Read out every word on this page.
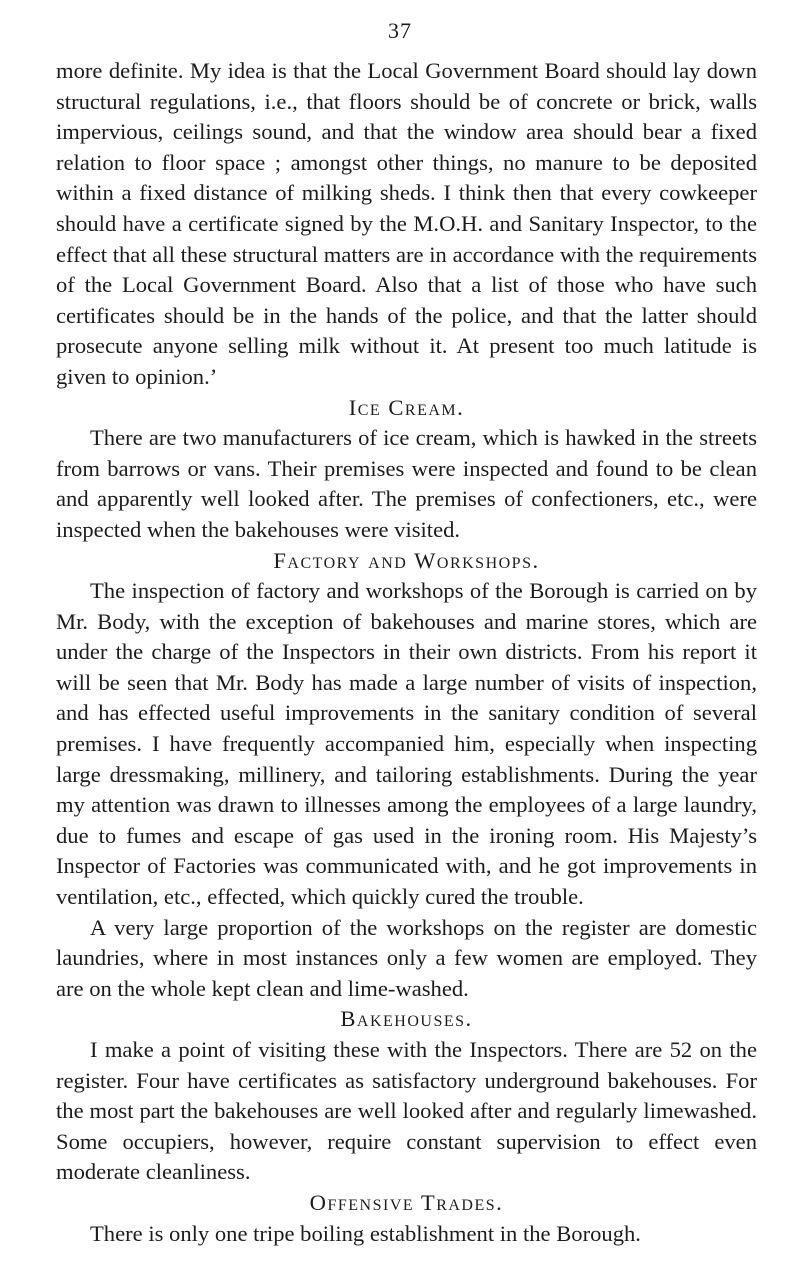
37

more definite. My idea is that the Local Government Board should lay down structural regulations, i.e., that floors should be of concrete or brick, walls impervious, ceilings sound, and that the window area should bear a fixed relation to floor space ; amongst other things, no manure to be deposited within a fixed distance of milking sheds. I think then that every cowkeeper should have a certificate signed by the M.O.H. and Sanitary Inspector, to the effect that all these structural matters are in accordance with the requirements of the Local Government Board. Also that a list of those who have such certificates should be in the hands of the police, and that the latter should prosecute anyone selling milk without it. At present too much latitude is given to opinion.’

Ice Cream.

There are two manufacturers of ice cream, which is hawked in the streets from barrows or vans. Their premises were inspected and found to be clean and apparently well looked after. The premises of confectioners, etc., were inspected when the bakehouses were visited.

Factory and Workshops.

The inspection of factory and workshops of the Borough is carried on by Mr. Body, with the exception of bakehouses and marine stores, which are under the charge of the Inspectors in their own districts. From his report it will be seen that Mr. Body has made a large number of visits of inspection, and has effected useful improvements in the sanitary condition of several premises. I have frequently accompanied him, especially when inspecting large dressmaking, millinery, and tailoring establishments. During the year my attention was drawn to illnesses among the employees of a large laundry, due to fumes and escape of gas used in the ironing room. His Majesty’s Inspector of Factories was communicated with, and he got improvements in ventilation, etc., effected, which quickly cured the trouble.

A very large proportion of the workshops on the register are domestic laundries, where in most instances only a few women are employed. They are on the whole kept clean and lime-washed.

Bakehouses.

I make a point of visiting these with the Inspectors. There are 52 on the register. Four have certificates as satisfactory underground bakehouses. For the most part the bakehouses are well looked after and regularly limewashed. Some occupiers, however, require constant supervision to effect even moderate cleanliness.

Offensive Trades.

There is only one tripe boiling establishment in the Borough.
